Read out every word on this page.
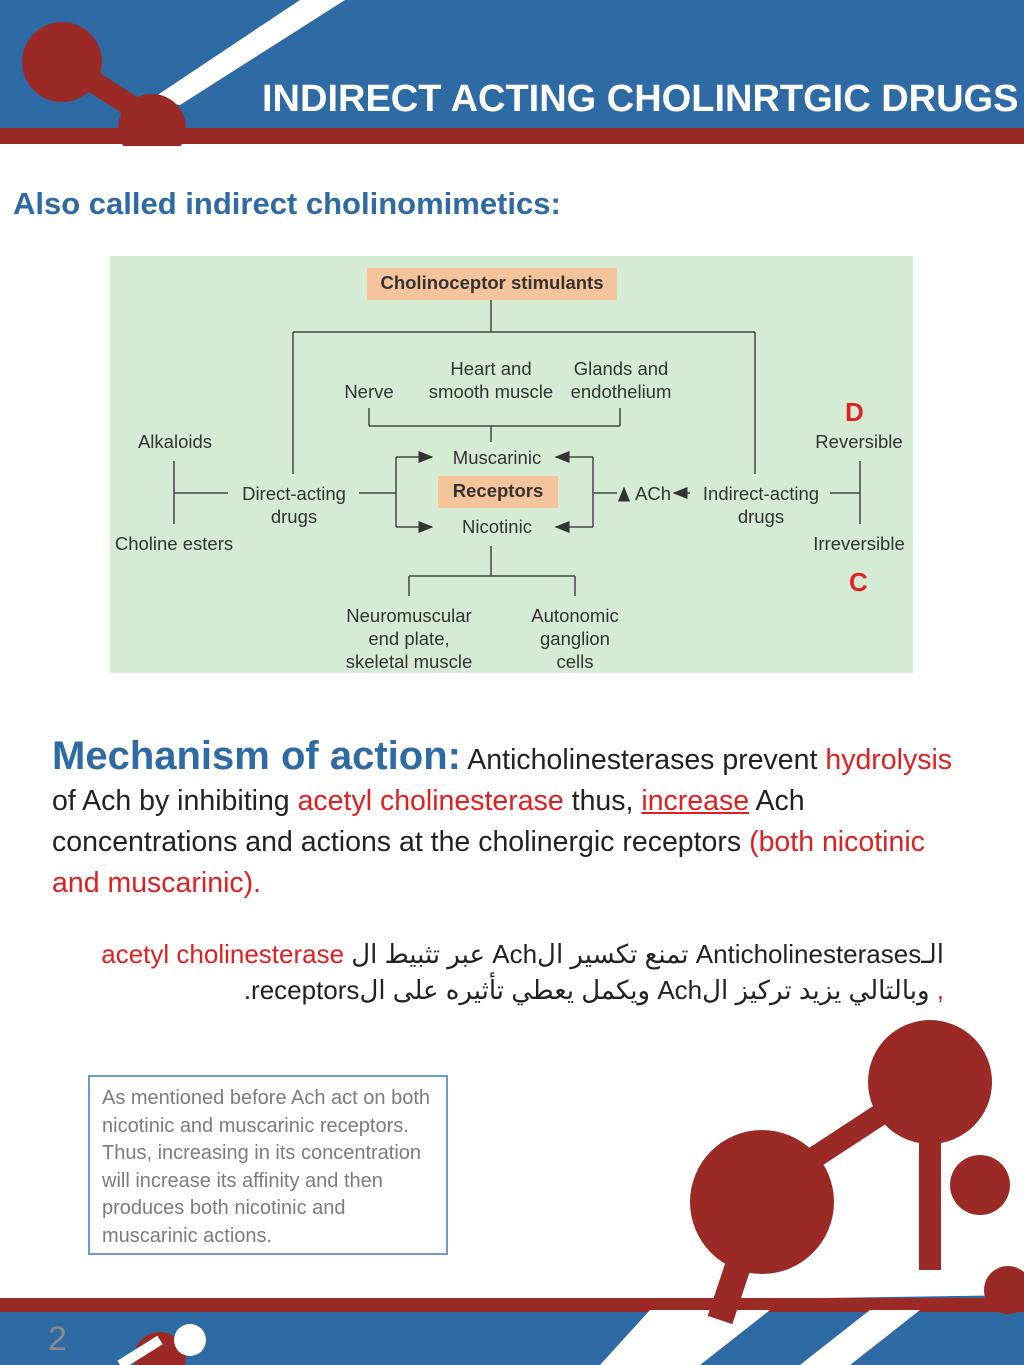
INDIRECT ACTING CHOLINRTGIC DRUGS
Also called indirect cholinomimetics:
Cholinoceptor stimulants
Nerve
Heart and
smooth muscle
Glands and
endothelium
Alkaloids
Choline esters
Direct-acting
drugs
Muscarinic
Receptors
Nicotinic
ACh	Indirect-acting
drugs
D
Reversible
Irreversible
C
Neuromuscular
end plate,
skeletal muscle
Autonomic
ganglion
cells
Mechanism of action: Anticholinesterases prevent hydrolysis of Ach by inhibiting acetyl cholinesterase thus, increase Ach concentrations and actions at the cholinergic receptors (both nicotinic and muscarinic).
الـAnticholinesterases تمنع تكسير الAch عبر تثبيط ال acetyl cholinesterase
, وبالتالي يزيد تركيز الAch ويكمل يعطي تأثيره على الreceptors.
As mentioned before Ach act on both nicotinic and muscarinic receptors. Thus, increasing in its concentration will increase its affinity and then produces both nicotinic and muscarinic actions.
2
